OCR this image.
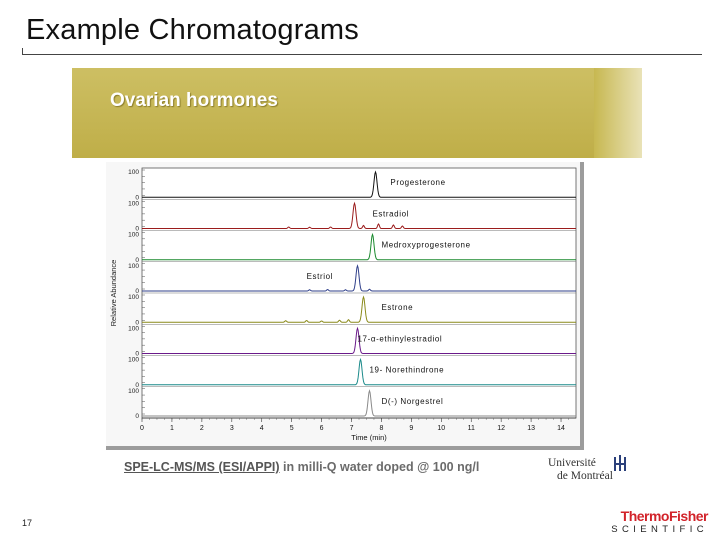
Example Chromatograms
Ovarian hormones
Relative Abundance
100
0
Progesterone
100
0
Estradiol
100
0
Medroxyprogesterone
100
0
Estriol
100
0
Estrone
100
0
17-α-ethinylestradiol
100
0
19- Norethindrone
100
0
D(-) Norgestrel
0	1	2	3	4	5	6	7	8	9	10	11	12	13	14
Time (min)
SPE-LC-MS/MS (ESI/APPI) in milli-Q water doped @ 100 ng/l	Université
de Montréal
17	ThermoFisher
SCIENTIFIC
